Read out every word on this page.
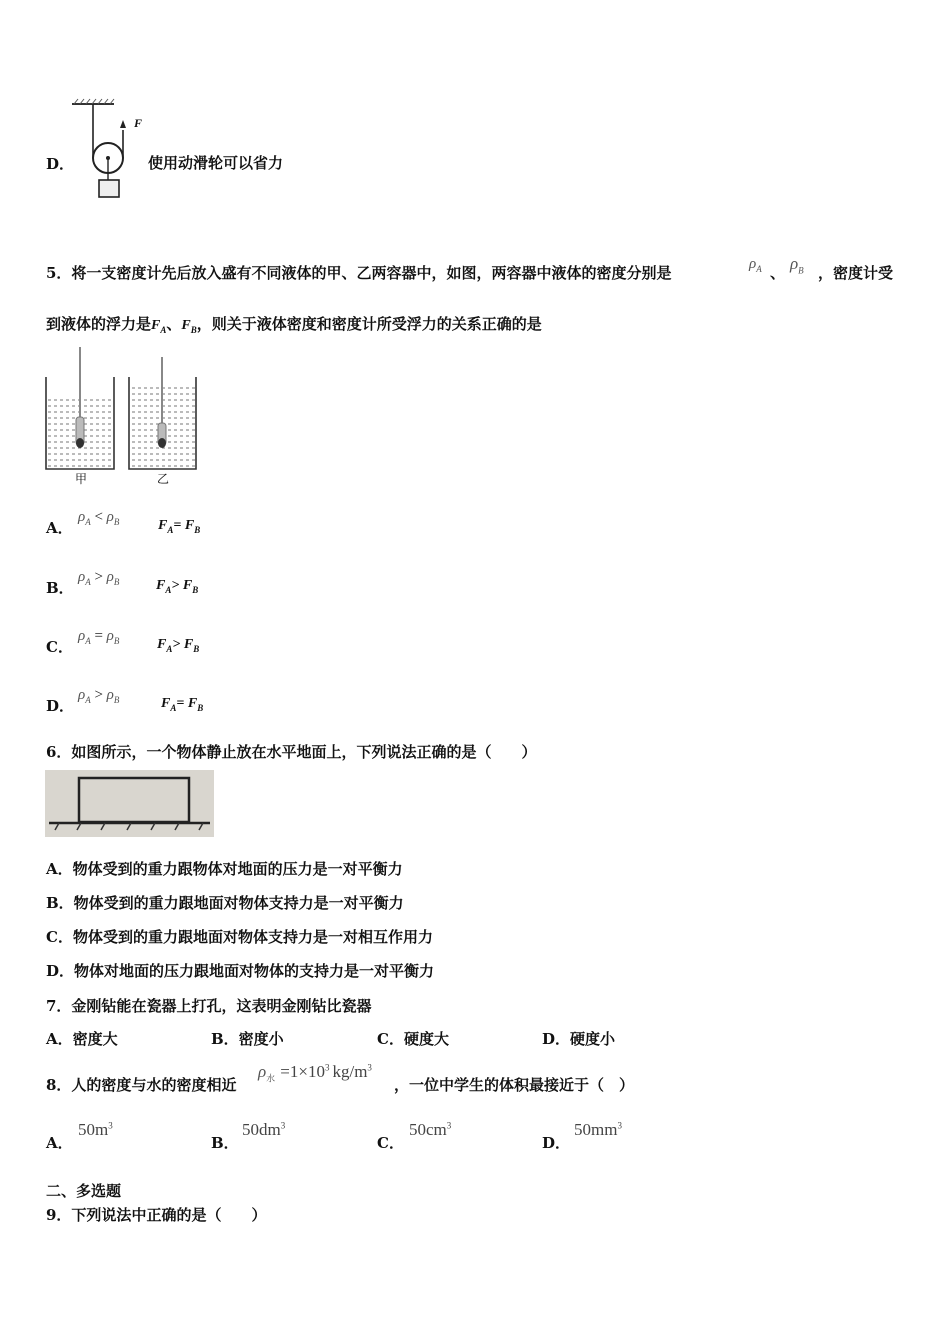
D．
F
使用动滑轮可以省力
5．将一支密度计先后放入盛有不同液体的甲、乙两容器中，如图，两容器中液体的密度分别是	$\rho_A$ 、 $\rho_B$ ，密度计受
到液体的浮力是$F_A$、$F_B$，则关于液体密度和密度计所受浮力的关系正确的是
甲	乙
A．
$\rho_A < \rho_B$	$F_A= F_B$
B．
$\rho_A > \rho_B$	$F_A> F_B$
C．
$\rho_A = \rho_B$	$F_A> F_B$
D．
$\rho_A > \rho_B$	$F_A= F_B$
6．如图所示，一个物体静止放在水平地面上，下列说法正确的是（　　）
A．物体受到的重力跟物体对地面的压力是一对平衡力
B．物体受到的重力跟地面对物体支持力是一对平衡力
C．物体受到的重力跟地面对物体支持力是一对相互作用力
D．物体对地面的压力跟地面对物体的支持力是一对平衡力
7．金刚钻能在瓷器上打孔，这表明金刚钻比瓷器
A．密度大	B．密度小	C．硬度大	D．硬度小
8．人的密度与水的密度相近
$\rho_水 =1\times 10^3$ $kg/m^3$
，一位中学生的体积最接近于（　）
A．
$50m^3$
B．
$50dm^3$
C．
$50cm^3$
D．
$50mm^3$
二、多选题
9．下列说法中正确的是（　　）
